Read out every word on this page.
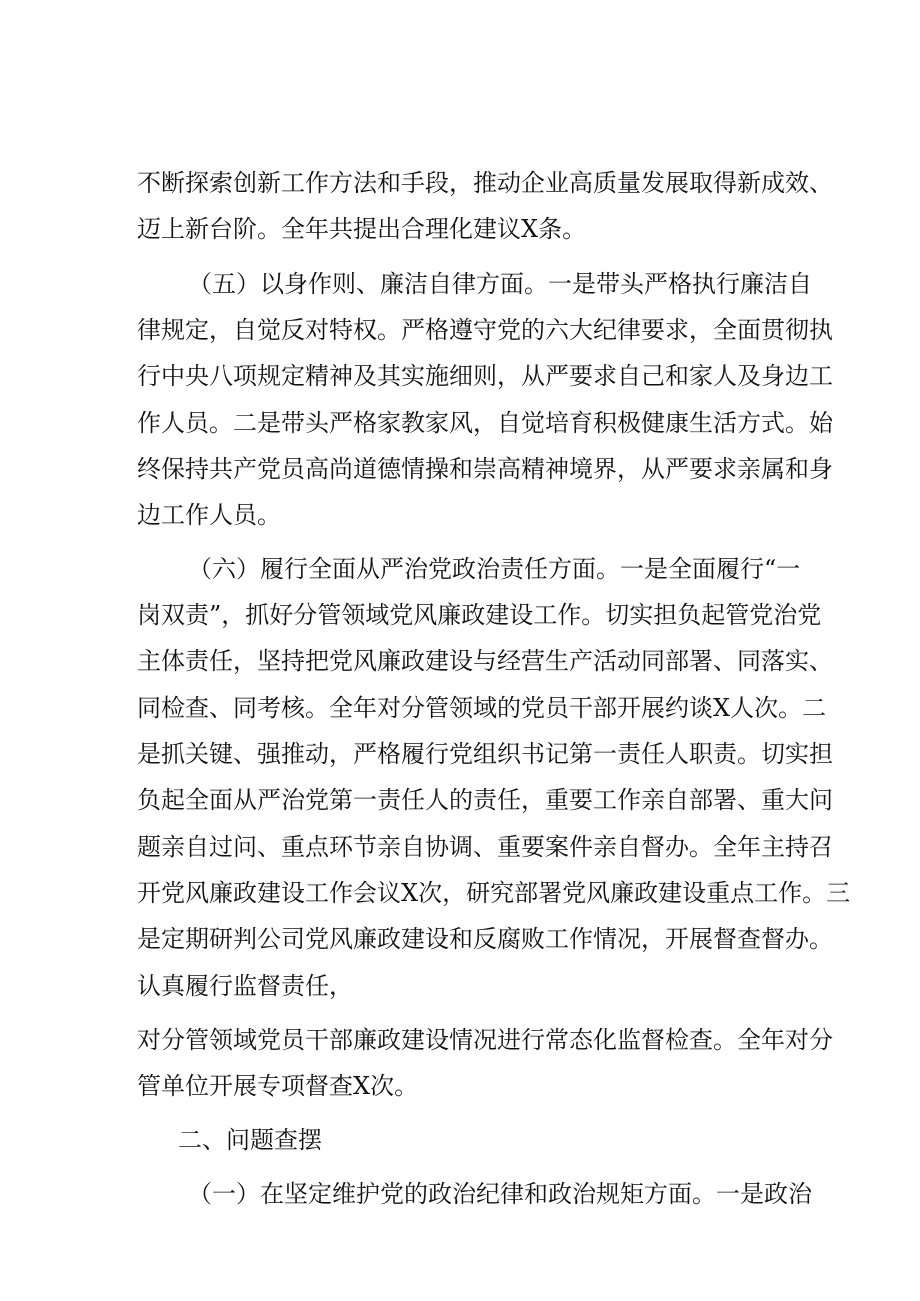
不断探索创新工作方法和手段，推动企业高质量发展取得新成效、
迈上新台阶。全年共提出合理化建议X条。
（五）以身作则、廉洁自律方面。一是带头严格执行廉洁自
律规定，自觉反对特权。严格遵守党的六大纪律要求，全面贯彻执
行中央八项规定精神及其实施细则，从严要求自己和家人及身边工
作人员。二是带头严格家教家风，自觉培育积极健康生活方式。始
终保持共产党员高尚道德情操和崇高精神境界，从严要求亲属和身
边工作人员。
（六）履行全面从严治党政治责任方面。一是全面履行“一
岗双责”，抓好分管领域党风廉政建设工作。切实担负起管党治党
主体责任，坚持把党风廉政建设与经营生产活动同部署、同落实、
同检查、同考核。全年对分管领域的党员干部开展约谈X人次。二
是抓关键、强推动，严格履行党组织书记第一责任人职责。切实担
负起全面从严治党第一责任人的责任，重要工作亲自部署、重大问
题亲自过问、重点环节亲自协调、重要案件亲自督办。全年主持召
开党风廉政建设工作会议X次，研究部署党风廉政建设重点工作。三
是定期研判公司党风廉政建设和反腐败工作情况，开展督查督办。
认真履行监督责任，
对分管领域党员干部廉政建设情况进行常态化监督检查。全年对分
管单位开展专项督查X次。
二、问题查摆
（一）在坚定维护党的政治纪律和政治规矩方面。一是政治
